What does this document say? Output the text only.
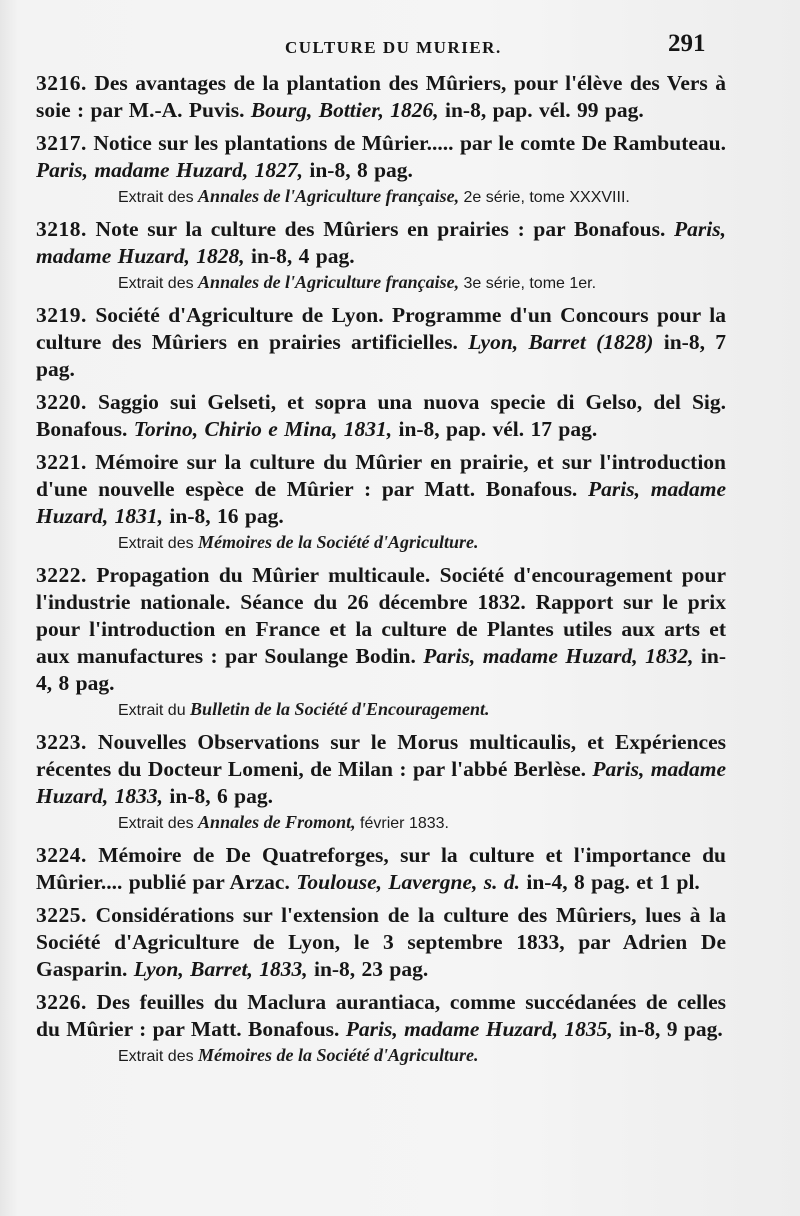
CULTURE DU MURIER.	291
3216. Des avantages de la plantation des Mûriers, pour l'élève des Vers à soie : par M.-A. Puvis. Bourg, Bottier, 1826, in-8, pap. vél. 99 pag.
3217. Notice sur les plantations de Mûrier..... par le comte De Rambuteau. Paris, madame Huzard, 1827, in-8, 8 pag.
Extrait des Annales de l'Agriculture française, 2e série, tome XXXVIII.
3218. Note sur la culture des Mûriers en prairies : par Bonafous. Paris, madame Huzard, 1828, in-8, 4 pag.
Extrait des Annales de l'Agriculture française, 3e série, tome 1er.
3219. Société d'Agriculture de Lyon. Programme d'un Concours pour la culture des Mûriers en prairies artificielles. Lyon, Barret (1828) in-8, 7 pag.
3220. Saggio sui Gelseti, et sopra una nuova specie di Gelso, del Sig. Bonafous. Torino, Chirio e Mina, 1831, in-8, pap. vél. 17 pag.
3221. Mémoire sur la culture du Mûrier en prairie, et sur l'introduction d'une nouvelle espèce de Mûrier : par Matt. Bonafous. Paris, madame Huzard, 1831, in-8, 16 pag.
Extrait des Mémoires de la Société d'Agriculture.
3222. Propagation du Mûrier multicaule. Société d'encouragement pour l'industrie nationale. Séance du 26 décembre 1832. Rapport sur le prix pour l'introduction en France et la culture de Plantes utiles aux arts et aux manufactures : par Soulange Bodin. Paris, madame Huzard, 1832, in-4, 8 pag.
Extrait du Bulletin de la Société d'Encouragement.
3223. Nouvelles Observations sur le Morus multicaulis, et Expériences récentes du Docteur Lomeni, de Milan : par l'abbé Berlèse. Paris, madame Huzard, 1833, in-8, 6 pag.
Extrait des Annales de Fromont, février 1833.
3224. Mémoire de De Quatreforges, sur la culture et l'importance du Mûrier.... publié par Arzac. Toulouse, Lavergne, s. d. in-4, 8 pag. et 1 pl.
3225. Considérations sur l'extension de la culture des Mûriers, lues à la Société d'Agriculture de Lyon, le 3 septembre 1833, par Adrien De Gasparin. Lyon, Barret, 1833, in-8, 23 pag.
3226. Des feuilles du Maclura aurantiaca, comme succédanées de celles du Mûrier : par Matt. Bonafous. Paris, madame Huzard, 1835, in-8, 9 pag.
Extrait des Mémoires de la Société d'Agriculture.
